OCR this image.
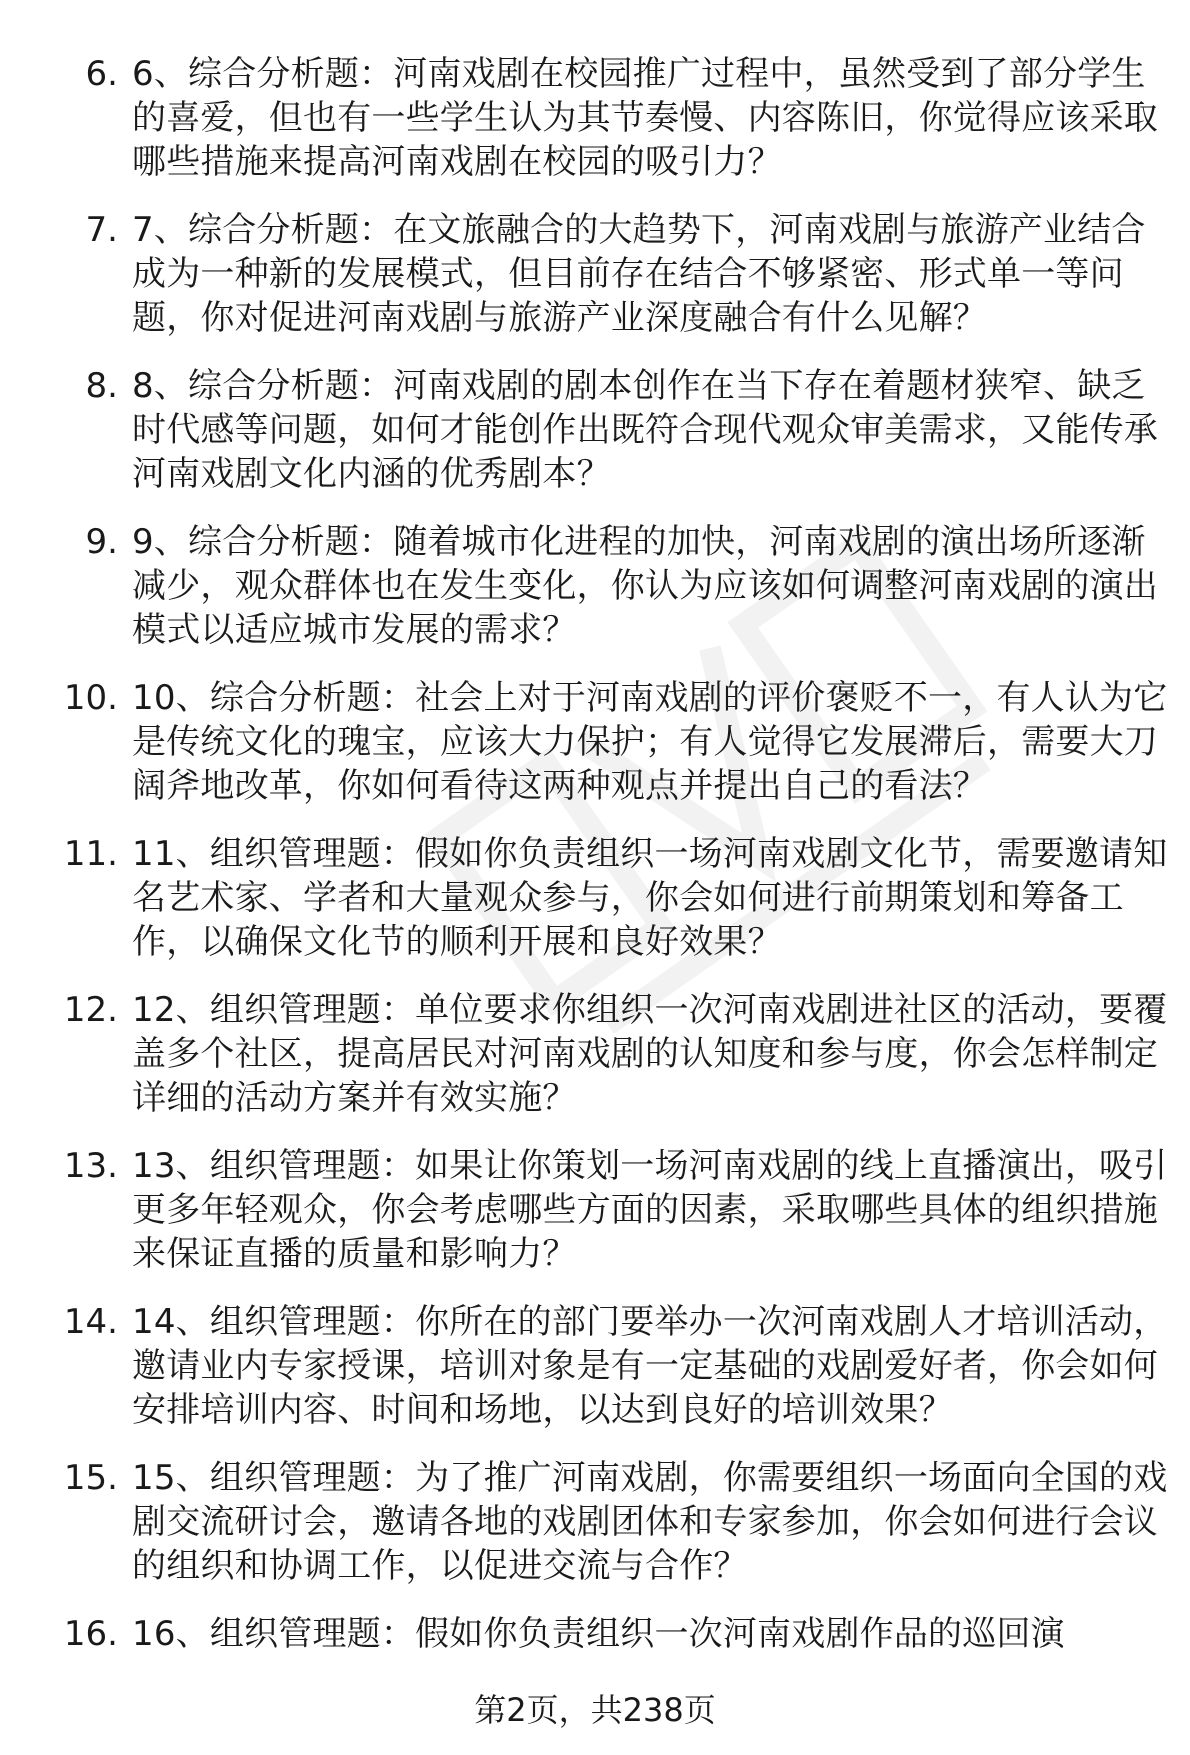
6. 6、综合分析题：河南戏剧在校园推广过程中，虽然受到了部分学生的喜爱，但也有一些学生认为其节奏慢、内容陈旧，你觉得应该采取哪些措施来提高河南戏剧在校园的吸引力？
7. 7、综合分析题：在文旅融合的大趋势下，河南戏剧与旅游产业结合成为一种新的发展模式，但目前存在结合不够紧密、形式单一等问题，你对促进河南戏剧与旅游产业深度融合有什么见解？
8. 8、综合分析题：河南戏剧的剧本创作在当下存在着题材狭窄、缺乏时代感等问题，如何才能创作出既符合现代观众审美需求，又能传承河南戏剧文化内涵的优秀剧本？
9. 9、综合分析题：随着城市化进程的加快，河南戏剧的演出场所逐渐减少，观众群体也在发生变化，你认为应该如何调整河南戏剧的演出模式以适应城市发展的需求？
10. 10、综合分析题：社会上对于河南戏剧的评价褒贬不一，有人认为它是传统文化的瑰宝，应该大力保护；有人觉得它发展滞后，需要大刀阔斧地改革，你如何看待这两种观点并提出自己的看法？
11. 11、组织管理题：假如你负责组织一场河南戏剧文化节，需要邀请知名艺术家、学者和大量观众参与，你会如何进行前期策划和筹备工作，以确保文化节的顺利开展和良好效果？
12. 12、组织管理题：单位要求你组织一次河南戏剧进社区的活动，要覆盖多个社区，提高居民对河南戏剧的认知度和参与度，你会怎样制定详细的活动方案并有效实施？
13. 13、组织管理题：如果让你策划一场河南戏剧的线上直播演出，吸引更多年轻观众，你会考虑哪些方面的因素，采取哪些具体的组织措施来保证直播的质量和影响力？
14. 14、组织管理题：你所在的部门要举办一次河南戏剧人才培训活动，邀请业内专家授课，培训对象是有一定基础的戏剧爱好者，你会如何安排培训内容、时间和场地，以达到良好的培训效果？
15. 15、组织管理题：为了推广河南戏剧，你需要组织一场面向全国的戏剧交流研讨会，邀请各地的戏剧团体和专家参加，你会如何进行会议的组织和协调工作，以促进交流与合作？
16. 16、组织管理题：假如你负责组织一次河南戏剧作品的巡回演
第2页，共238页
